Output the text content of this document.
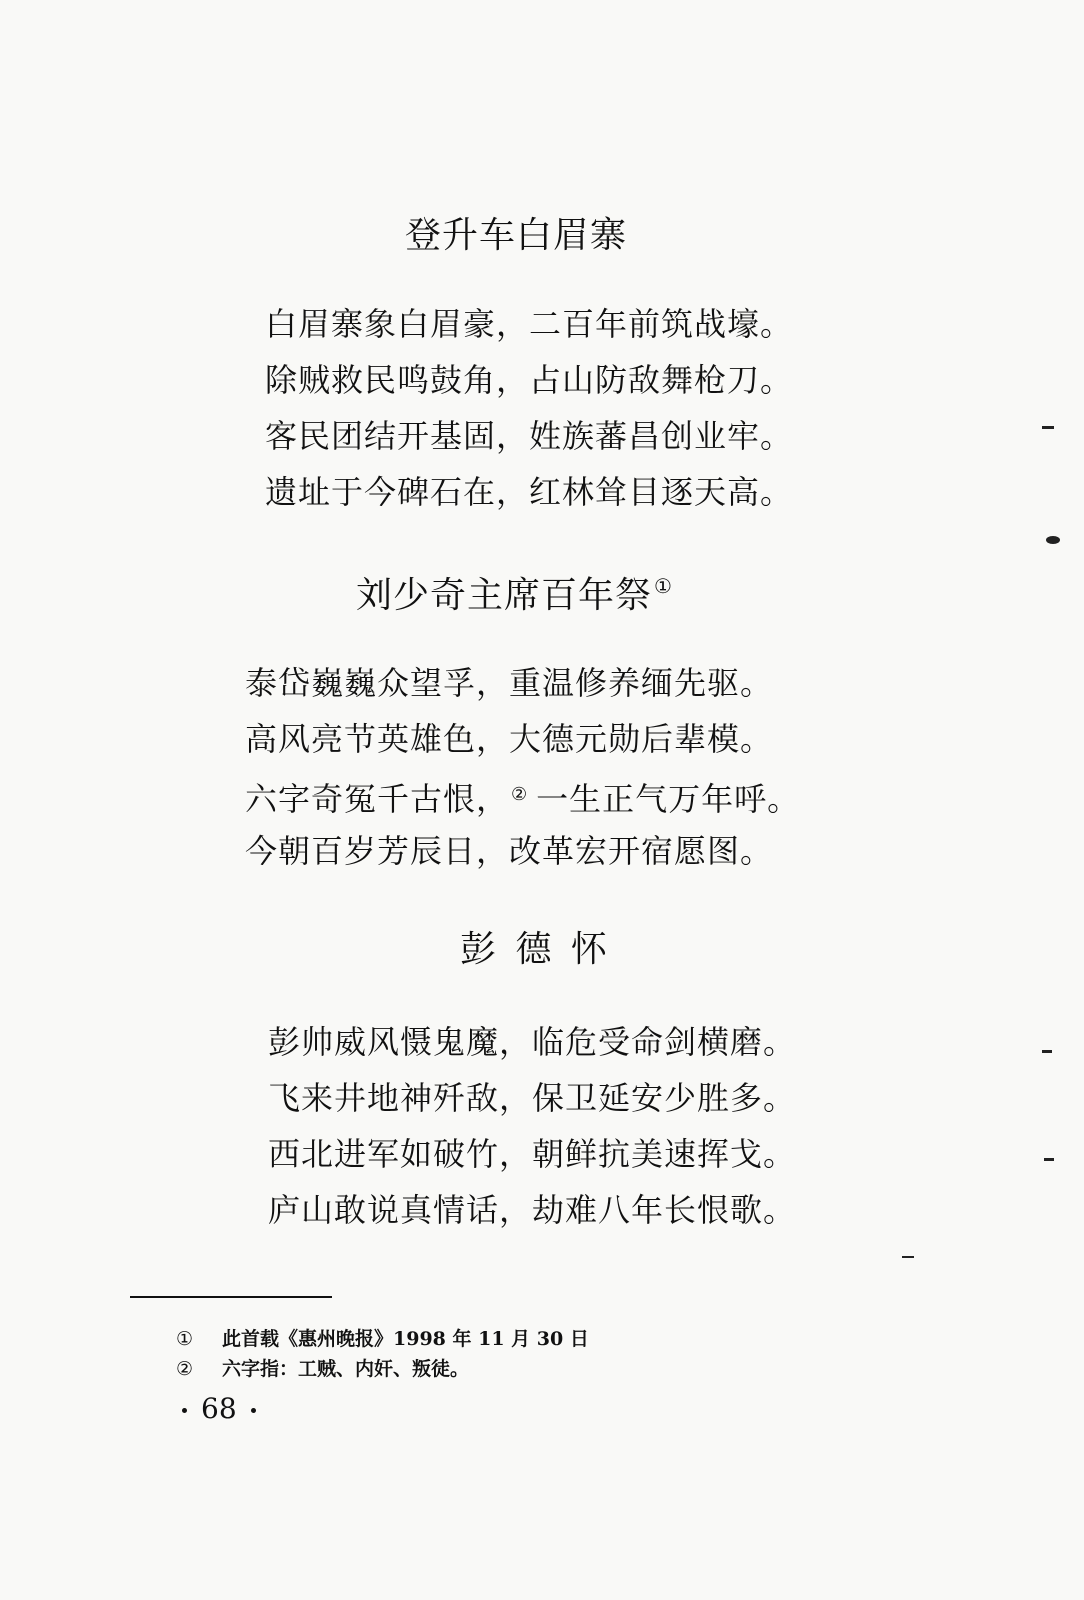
登升车白眉寨
白眉寨象白眉豪，二百年前筑战壕。
除贼救民鸣鼓角，占山防敌舞枪刀。
客民团结开基固，姓族蕃昌创业牢。
遗址于今碑石在，红林耸目逐天高。
刘少奇主席百年祭 ①
泰岱巍巍众望孚，重温修养缅先驱。
高风亮节英雄色，大德元勋后辈模。
六字奇冤千古恨， ② 一生正气万年呼。
今朝百岁芳辰日，改革宏开宿愿图。
彭 德 怀
彭帅威风慑鬼魔，临危受命剑横磨。
飞来井地神歼敌，保卫延安少胜多。
西北进军如破竹，朝鲜抗美速挥戈。
庐山敢说真情话，劫难八年长恨歌。
① 此首载《惠州晚报》1998 年 11 月 30 日
② 六字指：工贼、内奸、叛徒。
68
